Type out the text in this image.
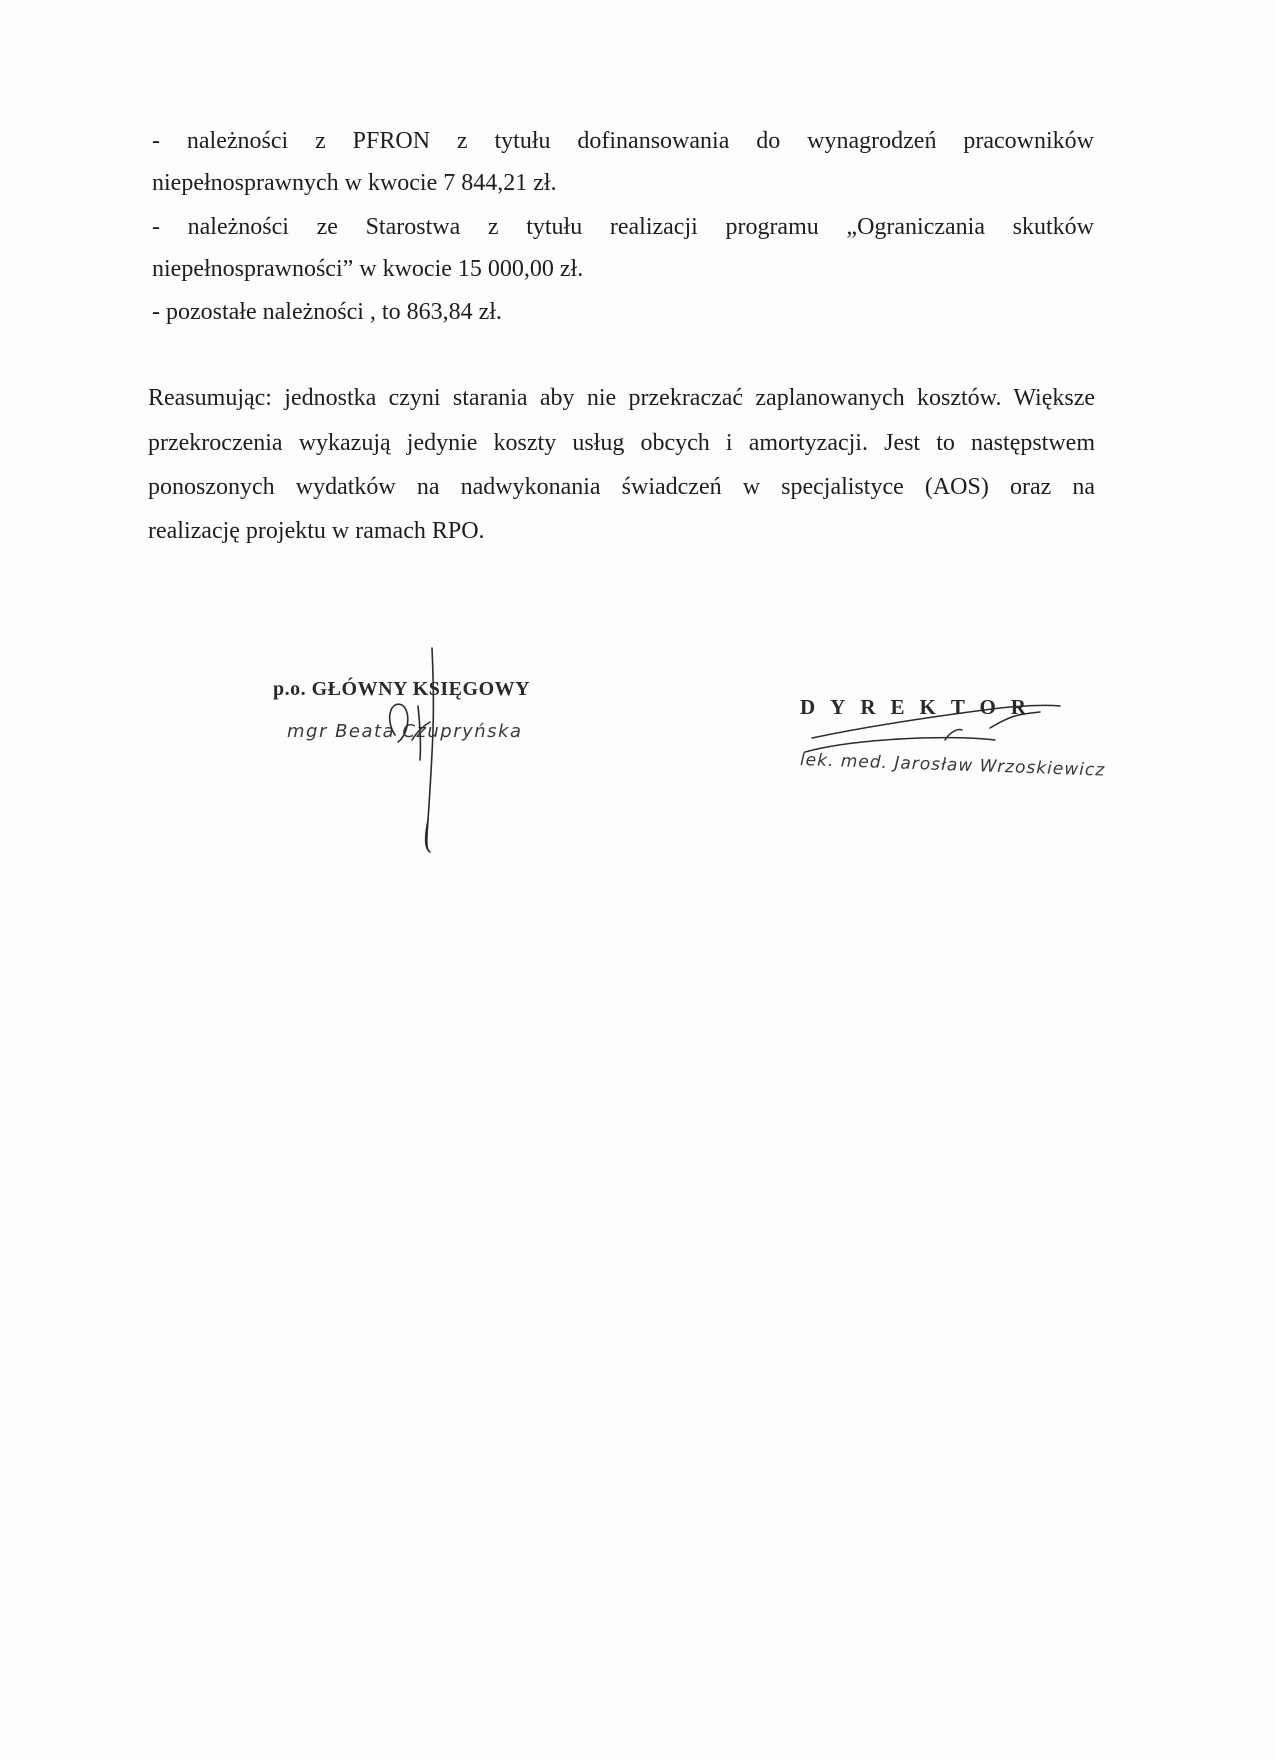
- należności z PFRON z tytułu dofinansowania do wynagrodzeń pracowników
niepełnosprawnych w kwocie 7 844,21 zł.
- należności ze Starostwa z tytułu realizacji programu „Ograniczania skutków
niepełnosprawności” w kwocie 15 000,00 zł.
- pozostałe należności , to 863,84 zł.
Reasumując: jednostka czyni starania aby nie przekraczać zaplanowanych kosztów. Większe
przekroczenia wykazują jedynie koszty usług obcych i amortyzacji. Jest to następstwem
ponoszonych wydatków na nadwykonania świadczeń w specjalistyce (AOS) oraz na
realizację projektu w ramach RPO.
p.o. GŁÓWNY KSIĘGOWY
mgr Beata Czupryńska
DYREKTOR
lek. med. Jarosław Wrzoskiewicz
